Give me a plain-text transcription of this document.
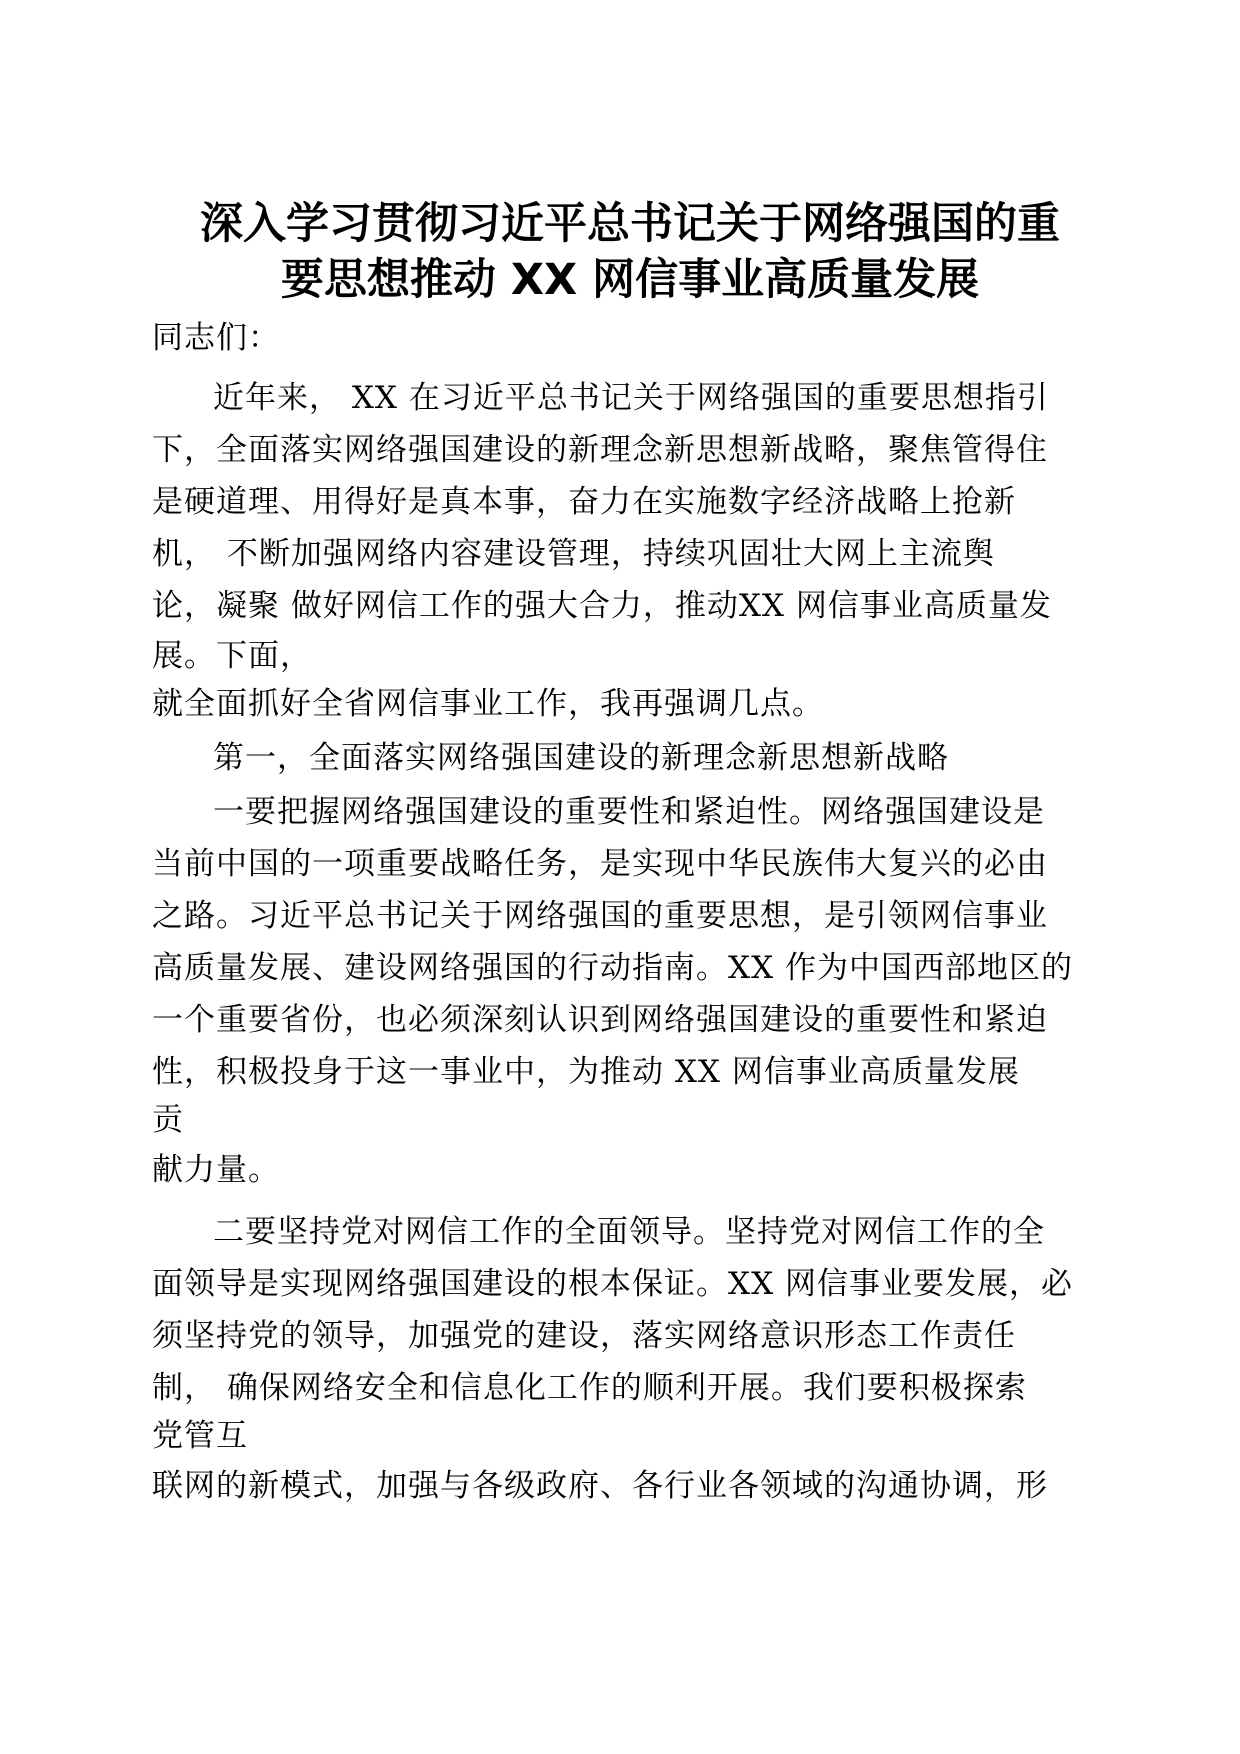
深入学习贯彻习近平总书记关于网络强国的重
要思想推动 XX 网信事业高质量发展
同志们：
近年来， XX 在习近平总书记关于网络强国的重要思想指引
下，全面落实网络强国建设的新理念新思想新战略，聚焦管得住
是硬道理、用得好是真本事，奋力在实施数字经济战略上抢新
机， 不断加强网络内容建设管理，持续巩固壮大网上主流舆
论，凝聚 做好网信工作的强大合力，推动XX 网信事业高质量发
展。下面，
就全面抓好全省网信事业工作，我再强调几点。
第一，全面落实网络强国建设的新理念新思想新战略
一要把握网络强国建设的重要性和紧迫性。网络强国建设是
当前中国的一项重要战略任务，是实现中华民族伟大复兴的必由
之路。习近平总书记关于网络强国的重要思想，是引领网信事业
高质量发展、建设网络强国的行动指南。XX 作为中国西部地区的
一个重要省份，也必须深刻认识到网络强国建设的重要性和紧迫
性，积极投身于这一事业中，为推动 XX 网信事业高质量发展
贡
献力量。
二要坚持党对网信工作的全面领导。坚持党对网信工作的全
面领导是实现网络强国建设的根本保证。XX 网信事业要发展，必
须坚持党的领导，加强党的建设，落实网络意识形态工作责任
制， 确保网络安全和信息化工作的顺利开展。我们要积极探索
党管互
联网的新模式，加强与各级政府、各行业各领域的沟通协调，形
